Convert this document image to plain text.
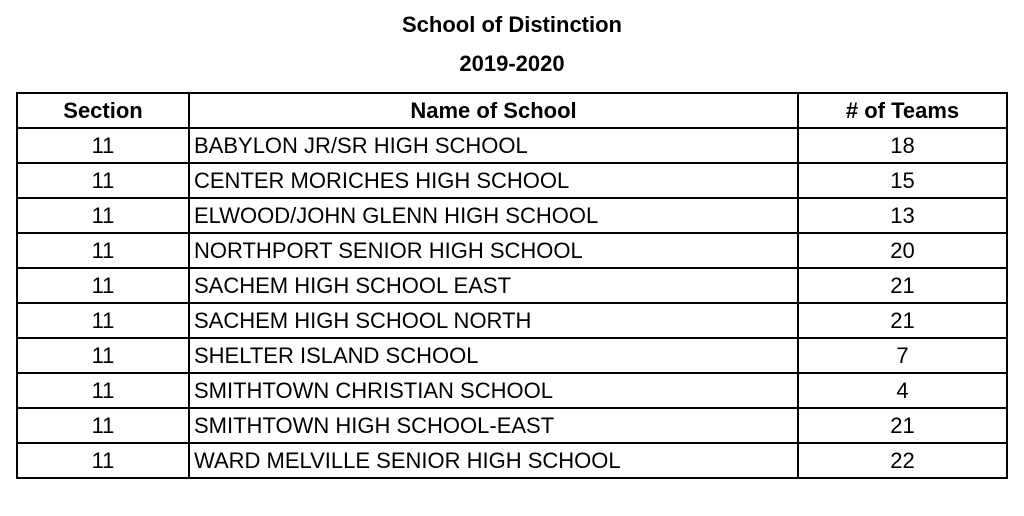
School of Distinction
2019-2020
Section	Name of School	# of Teams
11	BABYLON JR/SR HIGH SCHOOL	18
11	CENTER MORICHES HIGH SCHOOL	15
11	ELWOOD/JOHN GLENN HIGH SCHOOL	13
11	NORTHPORT SENIOR HIGH SCHOOL	20
11	SACHEM HIGH SCHOOL EAST	21
11	SACHEM HIGH SCHOOL NORTH	21
11	SHELTER ISLAND SCHOOL	7
11	SMITHTOWN CHRISTIAN SCHOOL	4
11	SMITHTOWN HIGH SCHOOL-EAST	21
11	WARD MELVILLE SENIOR HIGH SCHOOL	22
